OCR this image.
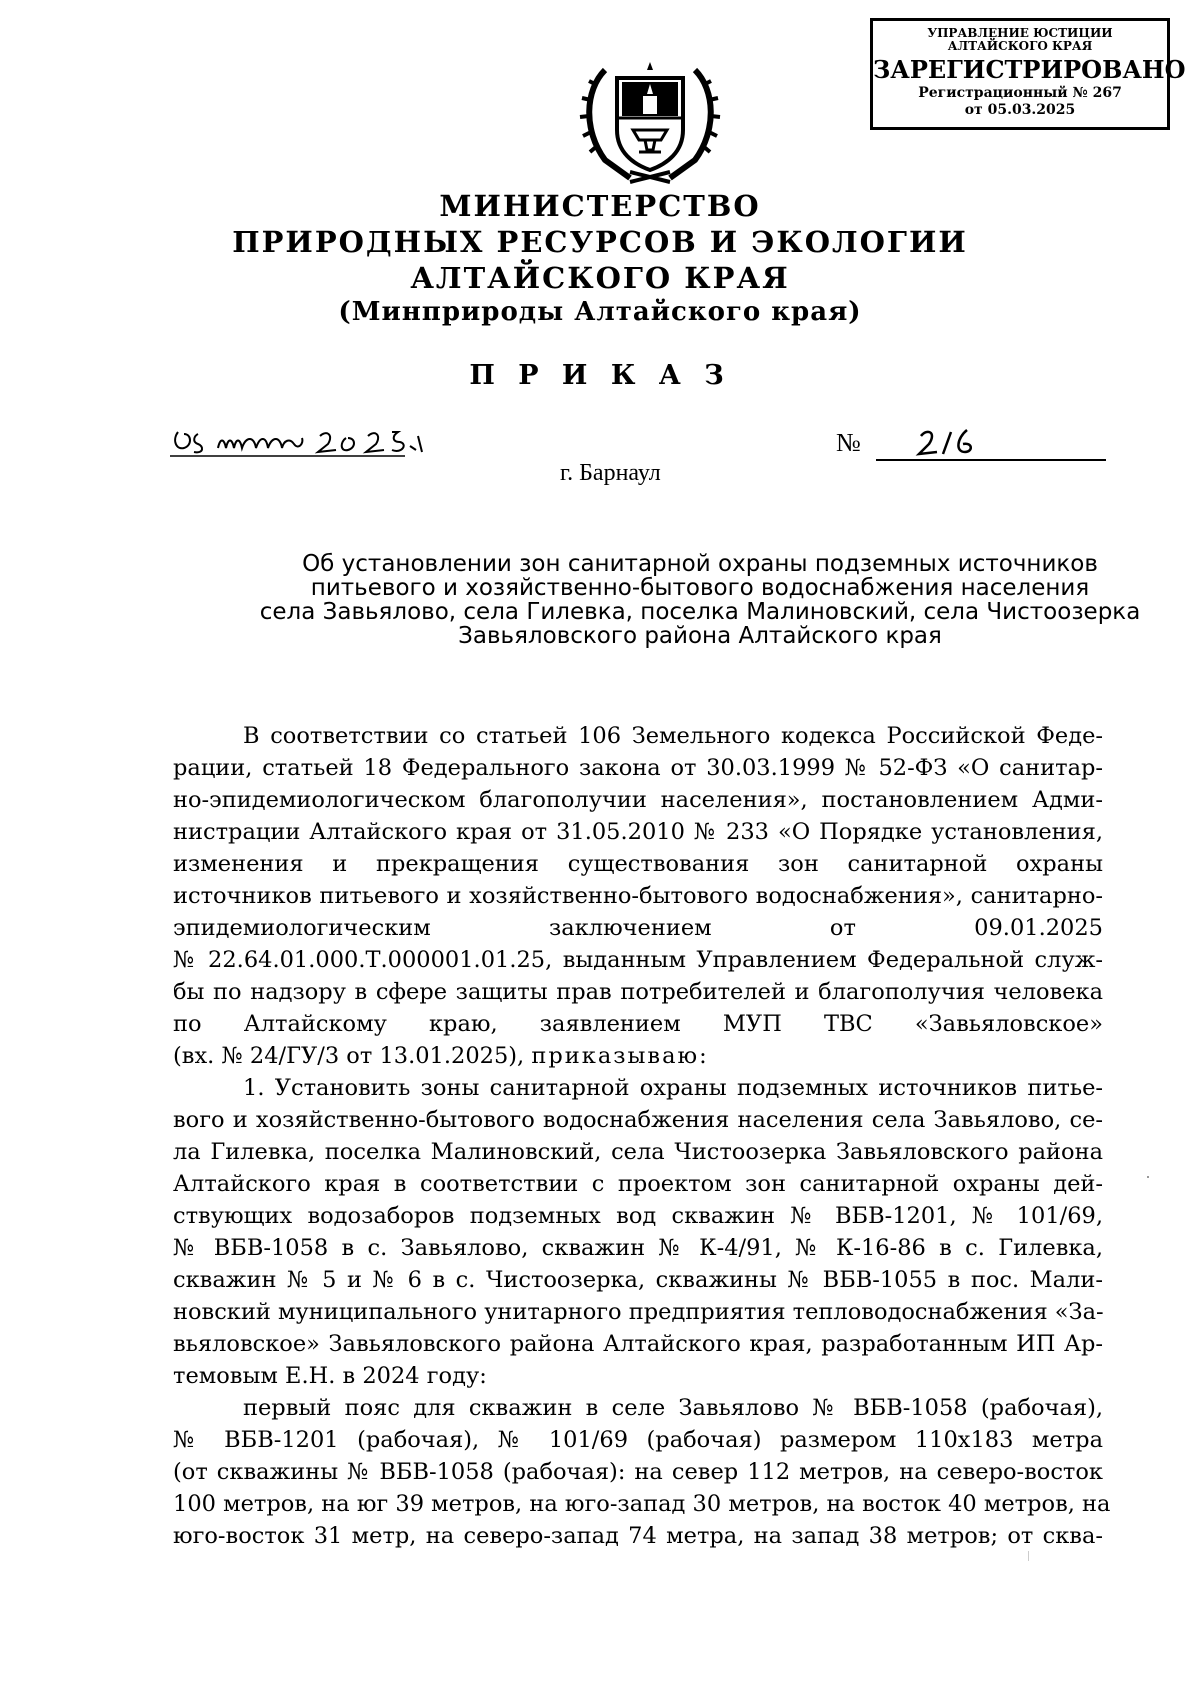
УПРАВЛЕНИЕ ЮСТИЦИИ
АЛТАЙСКОГО КРАЯ
ЗАРЕГИСТРИРОВАНО
Регистрационный № 267
от 05.03.2025
МИНИСТЕРСТВО
ПРИРОДНЫХ РЕСУРСОВ И ЭКОЛОГИИ
АЛТАЙСКОГО КРАЯ
(Минприроды Алтайского края)
П Р И К А З
№
г. Барнаул
Об установлении зон санитарной охраны подземных источников
питьевого и хозяйственно-бытового водоснабжения населения
села Завьялово, села Гилевка, поселка Малиновский, села Чистоозерка
Завьяловского района Алтайского края
В соответствии со статьей 106 Земельного кодекса Российской Феде-
рации, статьей 18 Федерального закона от 30.03.1999 № 52-ФЗ «О санитар-
но-эпидемиологическом благополучии населения», постановлением Адми-
нистрации Алтайского края от 31.05.2010 № 233 «О Порядке установления,
изменения и прекращения существования зон санитарной охраны
источников питьевого и хозяйственно-бытового водоснабжения», санитарно-
эпидемиологическим заключением от 09.01.2025
№ 22.64.01.000.Т.000001.01.25, выданным Управлением Федеральной служ-
бы по надзору в сфере защиты прав потребителей и благополучия человека
по Алтайскому краю, заявлением МУП ТВС «Завьяловское»
(вх. № 24/ГУ/3 от 13.01.2025), приказываю:
1. Установить зоны санитарной охраны подземных источников питье-
вого и хозяйственно-бытового водоснабжения населения села Завьялово, се-
ла Гилевка, поселка Малиновский, села Чистоозерка Завьяловского района
Алтайского края в соответствии с проектом зон санитарной охраны дей-
ствующих водозаборов подземных вод скважин № ВБВ-1201, № 101/69,
№ ВБВ-1058 в с. Завьялово, скважин № К-4/91, № К-16-86 в с. Гилевка,
скважин № 5 и № 6 в с. Чистоозерка, скважины № ВБВ-1055 в пос. Мали-
новский муниципального унитарного предприятия тепловодоснабжения «За-
вьяловское» Завьяловского района Алтайского края, разработанным ИП Ар-
темовым Е.Н. в 2024 году:
первый пояс для скважин в селе Завьялово № ВБВ-1058 (рабочая),
№ ВБВ-1201 (рабочая), № 101/69 (рабочая) размером 110х183 метра
(от скважины № ВБВ-1058 (рабочая): на север 112 метров, на северо-восток
100 метров, на юг 39 метров, на юго-запад 30 метров, на восток 40 метров, на
юго-восток 31 метр, на северо-запад 74 метра, на запад 38 метров; от сква-
